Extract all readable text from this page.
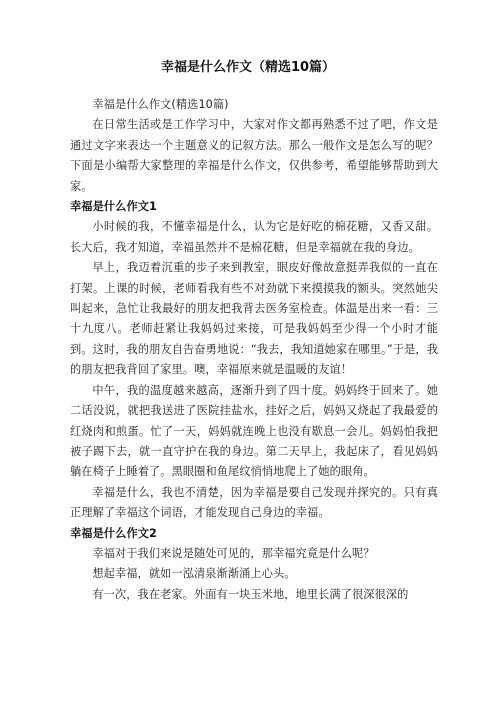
幸福是什么作文（精选10篇）

幸福是什么作文(精选10篇)

在日常生活或是工作学习中，大家对作文都再熟悉不过了吧，作文是通过文字来表达一个主题意义的记叙方法。那么一般作文是怎么写的呢？下面是小编帮大家整理的幸福是什么作文，仅供参考，希望能够帮助到大家。

幸福是什么作文1

小时候的我，不懂幸福是什么，认为它是好吃的棉花糖，又香又甜。长大后，我才知道，幸福虽然并不是棉花糖，但是幸福就在我的身边。

早上，我迈着沉重的步子来到教室，眼皮好像故意挺弄我似的一直在打架。上课的时候，老师看我有些不对劲就下来摸摸我的额头。突然她尖叫起来，急忙让我最好的朋友把我背去医务室检查。体温是出来一看：三十九度八。老师赶紧让我妈妈过来接，可是我妈妈至少得一个小时才能到。这时，我的朋友自告奋勇地说：“我去，我知道她家在哪里。”于是，我的朋友把我背回了家里。噢，幸福原来就是温暖的友谊！

中午，我的温度越来越高，逐渐升到了四十度。妈妈终于回来了。她二话没说，就把我送进了医院挂盐水，挂好之后，妈妈又烧起了我最爱的红烧肉和煎蛋。忙了一天，妈妈就连晚上也没有歇息一会儿。妈妈怕我把被子踢下去，就一直守护在我的身边。第二天早上，我起床了，看见妈妈躺在椅子上睡着了。黑眼圈和鱼尾纹悄悄地爬上了她的眼角。

幸福是什么，我也不清楚，因为幸福是要自己发现并探究的。只有真正理解了幸福这个词语，才能发现自己身边的幸福。

幸福是什么作文2

幸福对于我们来说是随处可见的，那幸福究竟是什么呢？

想起幸福，就如一泓清泉渐渐涌上心头。

有一次，我在老家。外面有一块玉米地，地里长满了很深很深的
